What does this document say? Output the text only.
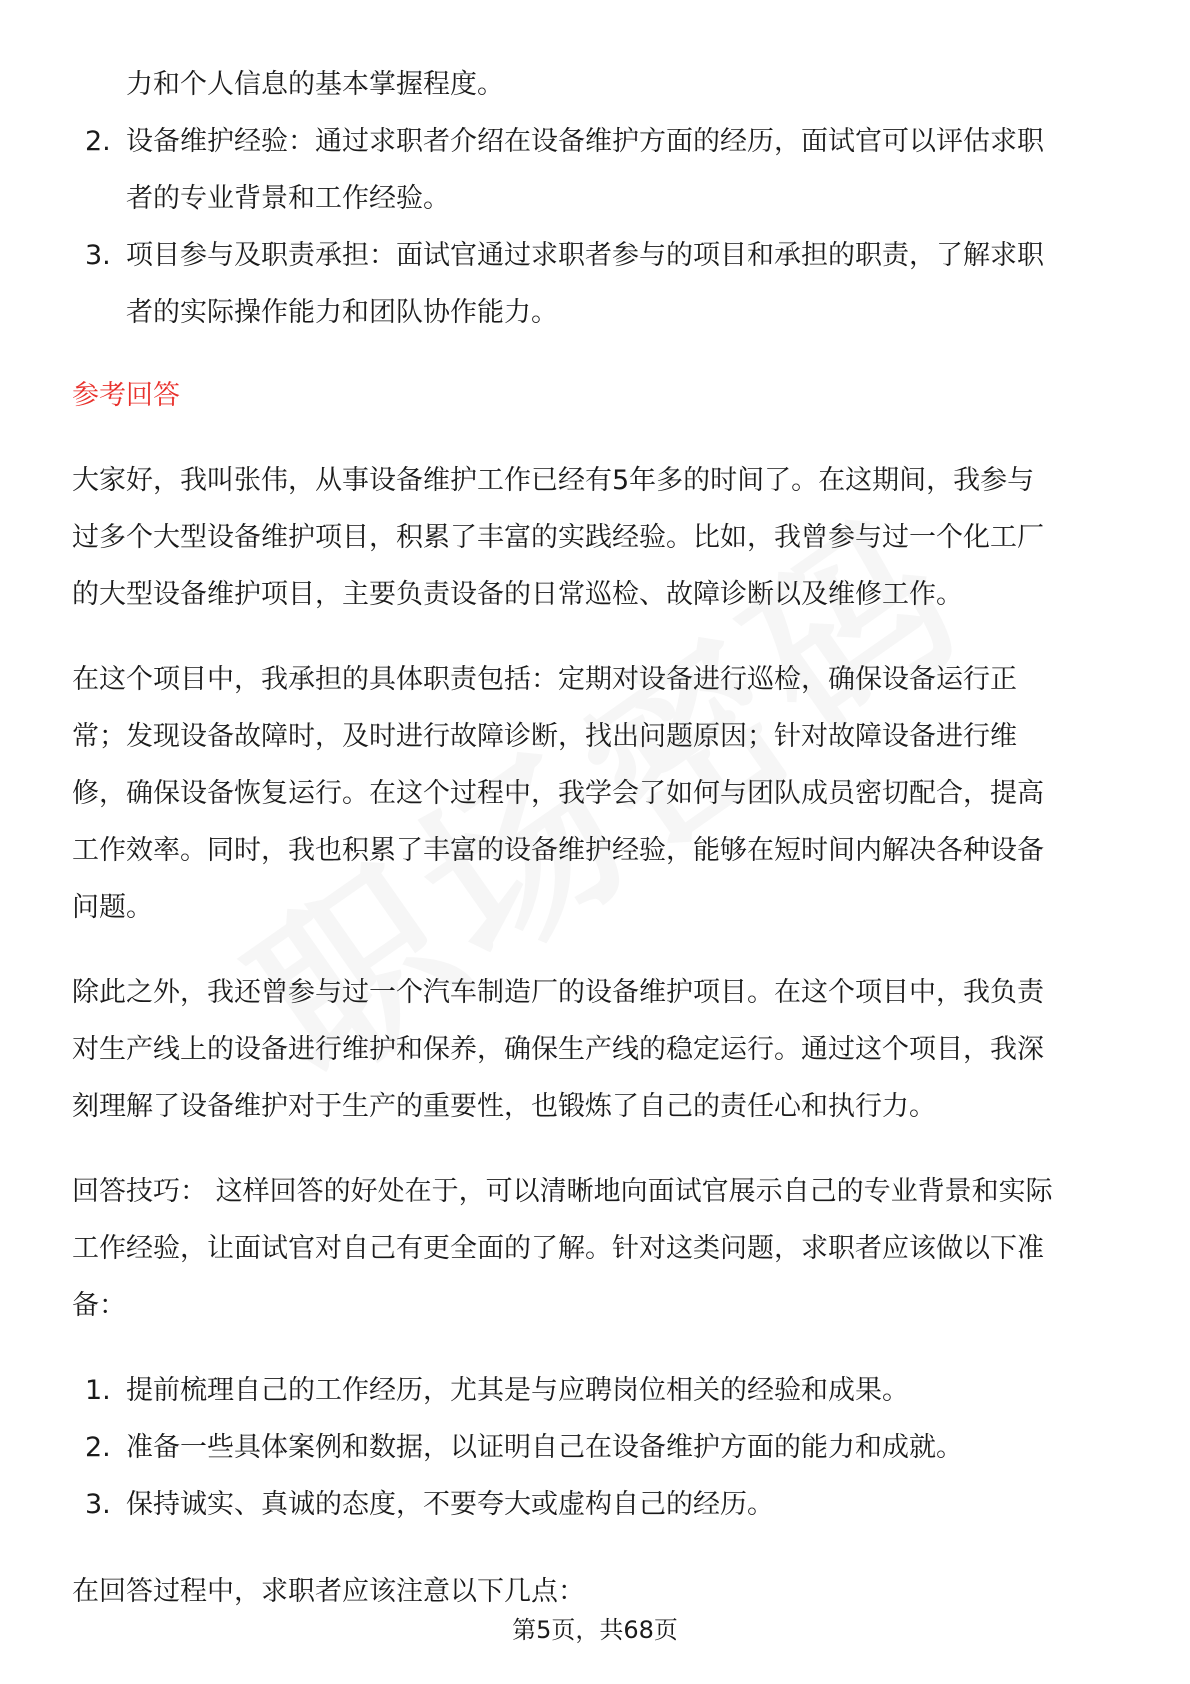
力和个人信息的基本掌握程度。
2. 设备维护经验：通过求职者介绍在设备维护方面的经历，面试官可以评估求职
者的专业背景和工作经验。
3. 项目参与及职责承担：面试官通过求职者参与的项目和承担的职责，了解求职
者的实际操作能力和团队协作能力。
参考回答
大家好，我叫张伟，从事设备维护工作已经有5年多的时间了。在这期间，我参与
过多个大型设备维护项目，积累了丰富的实践经验。比如，我曾参与过一个化工厂
的大型设备维护项目，主要负责设备的日常巡检、故障诊断以及维修工作。
在这个项目中，我承担的具体职责包括：定期对设备进行巡检，确保设备运行正
常；发现设备故障时，及时进行故障诊断，找出问题原因；针对故障设备进行维
修，确保设备恢复运行。在这个过程中，我学会了如何与团队成员密切配合，提高
工作效率。同时，我也积累了丰富的设备维护经验，能够在短时间内解决各种设备
问题。
除此之外，我还曾参与过一个汽车制造厂的设备维护项目。在这个项目中，我负责
对生产线上的设备进行维护和保养，确保生产线的稳定运行。通过这个项目，我深
刻理解了设备维护对于生产的重要性，也锻炼了自己的责任心和执行力。
回答技巧： 这样回答的好处在于，可以清晰地向面试官展示自己的专业背景和实际
工作经验，让面试官对自己有更全面的了解。针对这类问题，求职者应该做以下准
备：
1. 提前梳理自己的工作经历，尤其是与应聘岗位相关的经验和成果。
2. 准备一些具体案例和数据，以证明自己在设备维护方面的能力和成就。
3. 保持诚实、真诚的态度，不要夸大或虚构自己的经历。
在回答过程中，求职者应该注意以下几点：
第5页，共68页
